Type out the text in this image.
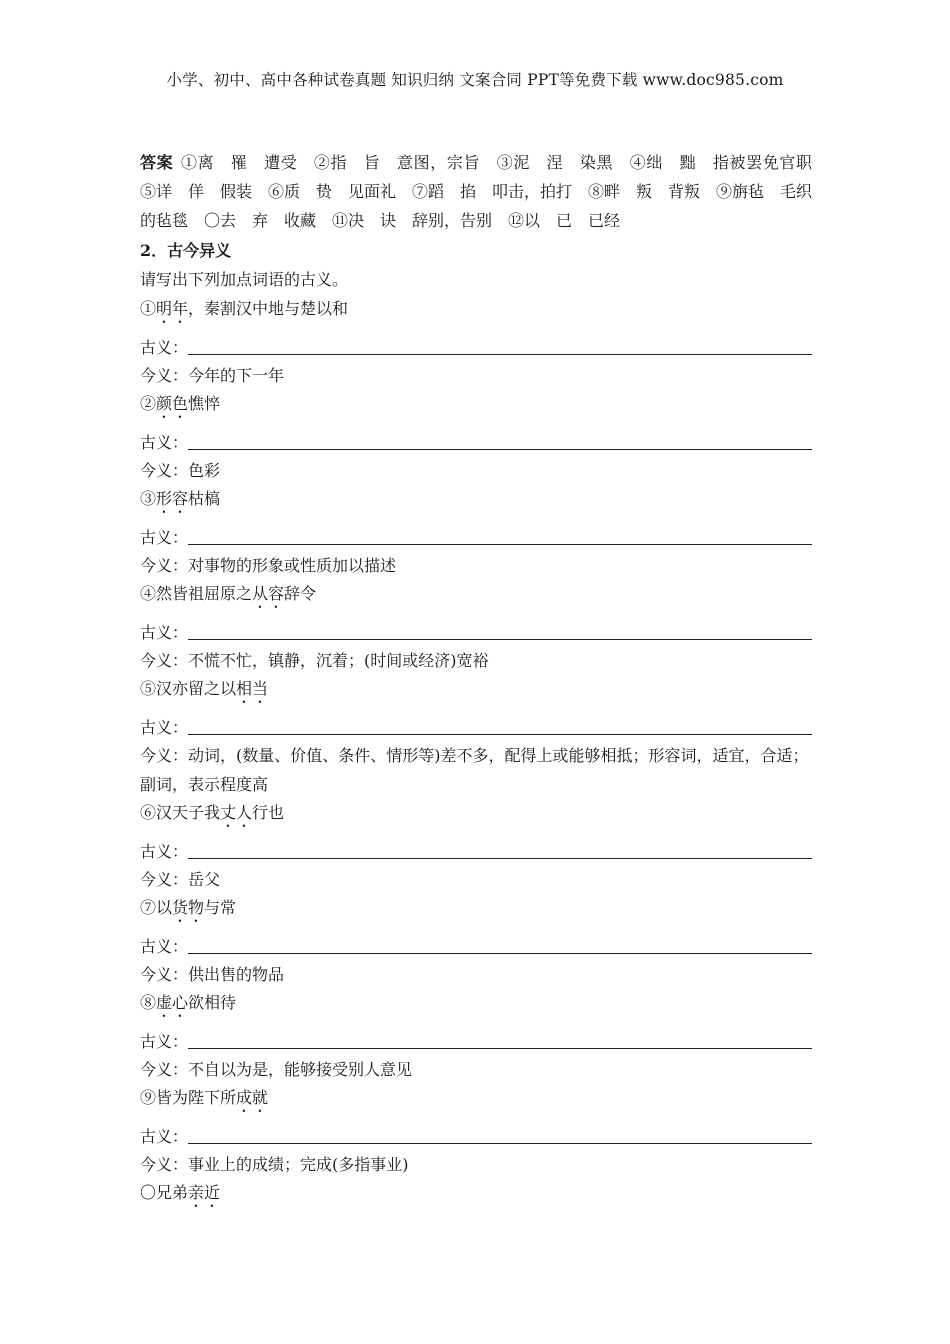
小学、初中、高中各种试卷真题 知识归纳 文案合同 PPT等免费下载 www.doc985.com
答案 ①离　罹　遭受　②指　旨　意图，宗旨　③泥　涅　染黑　④绌　黜　指被罢免官职　⑤详　佯　假装　⑥质　贽　见面礼　⑦蹈　掐　叩击，拍打　⑧畔　叛　背叛　⑨旃毡　毛织的毡毯　〇去　弃　收藏　⑪决　诀　辞别，告别　⑫以　已　已经
2．古今异义
请写出下列加点词语的古义。
①明年，秦割汉中地与楚以和
古义：
今义：今年的下一年
②颜色憔悴
古义：
今义：色彩
③形容枯槁
古义：
今义：对事物的形象或性质加以描述
④然皆祖屈原之从容辞令
古义：
今义：不慌不忙，镇静，沉着；(时间或经济)宽裕
⑤汉亦留之以相当
古义：
今义：动词，(数量、价值、条件、情形等)差不多，配得上或能够相抵；形容词，适宜，合适；副词，表示程度高
⑥汉天子我丈人行也
古义：
今义：岳父
⑦以货物与常
古义：
今义：供出售的物品
⑧虚心欲相待
古义：
今义：不自以为是，能够接受别人意见
⑨皆为陛下所成就
古义：
今义：事业上的成绩；完成(多指事业)
〇兄弟亲近
